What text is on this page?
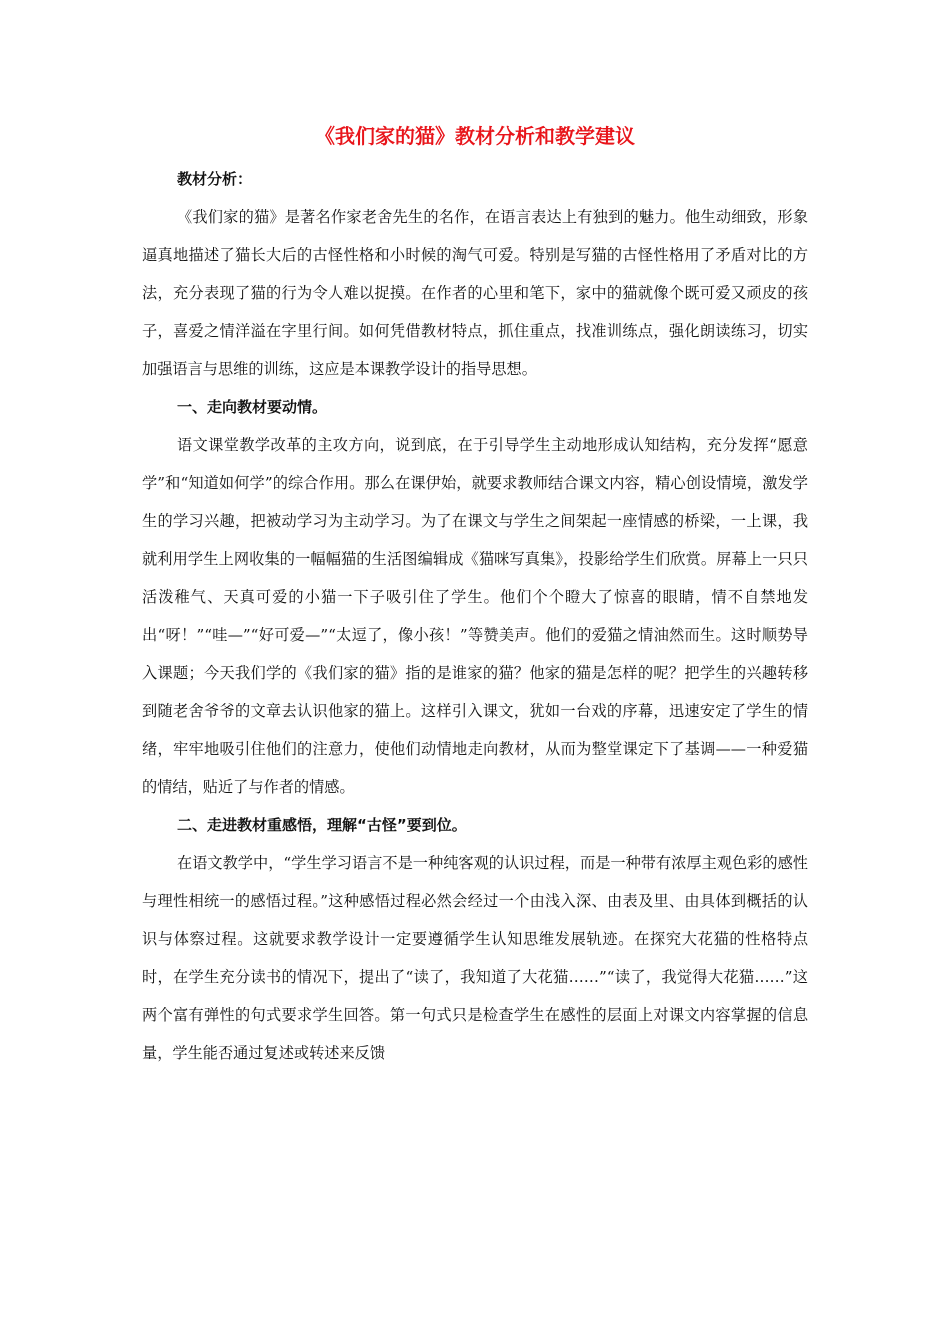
《我们家的猫》教材分析和教学建议

教材分析：

《我们家的猫》是著名作家老舍先生的名作，在语言表达上有独到的魅力。他生动细致，形象逼真地描述了猫长大后的古怪性格和小时候的淘气可爱。特别是写猫的古怪性格用了矛盾对比的方法，充分表现了猫的行为令人难以捉摸。在作者的心里和笔下，家中的猫就像个既可爱又顽皮的孩子，喜爱之情洋溢在字里行间。如何凭借教材特点，抓住重点，找准训练点，强化朗读练习，切实加强语言与思维的训练，这应是本课教学设计的指导思想。

一、走向教材要动情。

语文课堂教学改革的主攻方向，说到底，在于引导学生主动地形成认知结构，充分发挥“愿意学”和“知道如何学”的综合作用。那么在课伊始，就要求教师结合课文内容，精心创设情境，激发学生的学习兴趣，把被动学习为主动学习。为了在课文与学生之间架起一座情感的桥梁，一上课，我就利用学生上网收集的一幅幅猫的生活图编辑成《猫咪写真集》，投影给学生们欣赏。屏幕上一只只活泼稚气、天真可爱的小猫一下子吸引住了学生。他们个个瞪大了惊喜的眼睛，情不自禁地发出“呀！”“哇—”“好可爱—”“太逗了，像小孩！”等赞美声。他们的爱猫之情油然而生。这时顺势导入课题；今天我们学的《我们家的猫》指的是谁家的猫？他家的猫是怎样的呢？把学生的兴趣转移到随老舍爷爷的文章去认识他家的猫上。这样引入课文，犹如一台戏的序幕，迅速安定了学生的情绪，牢牢地吸引住他们的注意力，使他们动情地走向教材，从而为整堂课定下了基调——一种爱猫的情结，贴近了与作者的情感。

二、走进教材重感悟，理解“古怪”要到位。

在语文教学中，“学生学习语言不是一种纯客观的认识过程，而是一种带有浓厚主观色彩的感性与理性相统一的感悟过程。”这种感悟过程必然会经过一个由浅入深、由表及里、由具体到概括的认识与体察过程。这就要求教学设计一定要遵循学生认知思维发展轨迹。在探究大花猫的性格特点时，在学生充分读书的情况下，提出了“读了，我知道了大花猫……”“读了，我觉得大花猫……”这两个富有弹性的句式要求学生回答。第一句式只是检查学生在感性的层面上对课文内容掌握的信息量，学生能否通过复述或转述来反馈
